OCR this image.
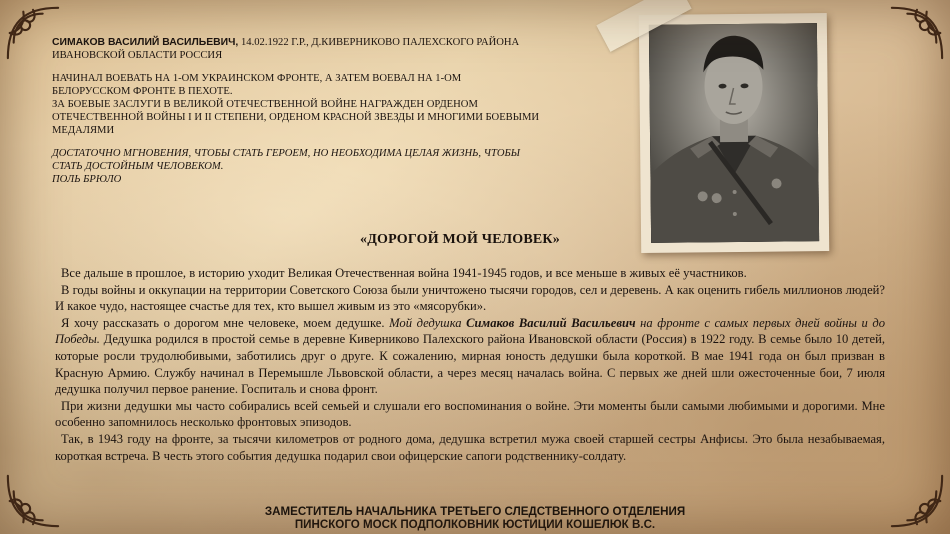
СИМАКОВ ВАСИЛИЙ ВАСИЛЬЕВИЧ, 14.02.1922 Г.Р., Д.КИВЕРНИКОВО ПАЛЕХСКОГО РАЙОНА ИВАНОВСКОЙ ОБЛАСТИ РОССИЯ

НАЧИНАЛ ВОЕВАТЬ НА 1-ОМ УКРАИНСКОМ ФРОНТЕ, А ЗАТЕМ ВОЕВАЛ НА 1-ОМ БЕЛОРУССКОМ ФРОНТЕ В ПЕХОТЕ.
ЗА БОЕВЫЕ ЗАСЛУГИ В ВЕЛИКОЙ ОТЕЧЕСТВЕННОЙ ВОЙНЕ НАГРАЖДЕН ОРДЕНОМ ОТЕЧЕСТВЕННОЙ ВОЙНЫ I И II СТЕПЕНИ, ОРДЕНОМ КРАСНОЙ ЗВЕЗДЫ И МНОГИМИ БОЕВЫМИ МЕДАЛЯМИ

ДОСТАТОЧНО МГНОВЕНИЯ, ЧТОБЫ СТАТЬ ГЕРОЕМ, НО НЕОБХОДИМА ЦЕЛАЯ ЖИЗНЬ, ЧТОБЫ СТАТЬ ДОСТОЙНЫМ ЧЕЛОВЕКОМ.
ПОЛЬ БРЮЛО

«ДОРОГОЙ МОЙ ЧЕЛОВЕК»

Все дальше в прошлое, в историю уходит Великая Отечественная война 1941-1945 годов, и все меньше в живых её участников.

В годы войны и оккупации на территории Советского Союза были уничтожено тысячи городов, сел и деревень. А как оценить гибель миллионов людей? И какое чудо, настоящее счастье для тех, кто вышел живым из это «мясорубки».

Я хочу рассказать о дорогом мне человеке, моем дедушке. Мой дедушка Симаков Василий Васильевич на фронте с самых первых дней войны и до Победы. Дедушка родился в простой семье в деревне Киверниково Палехского района Ивановской области (Россия) в 1922 году. В семье было 10 детей, которые росли трудолюбивыми, заботились друг о друге. К сожалению, мирная юность дедушки была короткой. В мае 1941 года он был призван в Красную Армию. Службу начинал в Перемышле Львовской области, а через месяц началась война. С первых же дней шли ожесточенные бои, 7 июля дедушка получил первое ранение. Госпиталь и снова фронт.

При жизни дедушки мы часто собирались всей семьей и слушали его воспоминания о войне. Эти моменты были самыми любимыми и дорогими. Мне особенно запомнилось несколько фронтовых эпизодов.

Так, в 1943 году на фронте, за тысячи километров от родного дома, дедушка встретил мужа своей старшей сестры Анфисы. Это была незабываемая, короткая встреча. В честь этого события дедушка подарил свои офицерские сапоги родственнику-солдату.

ЗАМЕСТИТЕЛЬ НАЧАЛЬНИКА ТРЕТЬЕГО СЛЕДСТВЕННОГО ОТДЕЛЕНИЯ
ПИНСКОГО МОСК ПОДПОЛКОВНИК ЮСТИЦИИ КОШЕЛЮК В.С.
